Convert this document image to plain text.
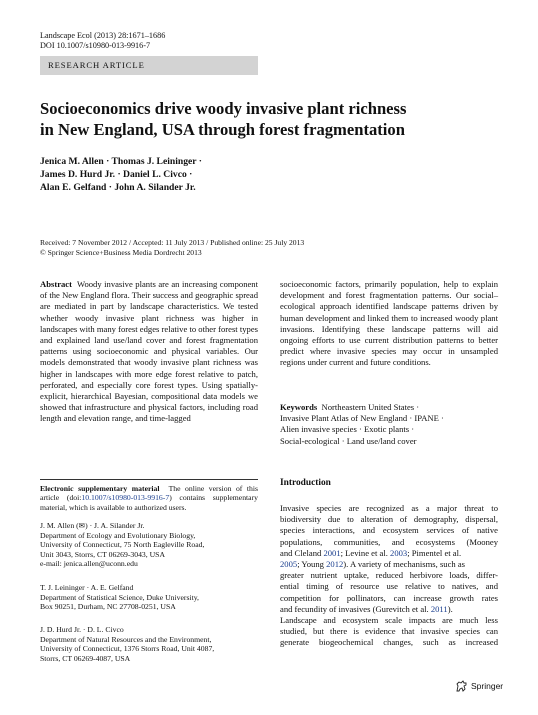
Landscape Ecol (2013) 28:1671–1686
DOI 10.1007/s10980-013-9916-7
RESEARCH ARTICLE
Socioeconomics drive woody invasive plant richness
in New England, USA through forest fragmentation
Jenica M. Allen · Thomas J. Leininger ·
James D. Hurd Jr. · Daniel L. Civco ·
Alan E. Gelfand · John A. Silander Jr.
Received: 7 November 2012 / Accepted: 11 July 2013 / Published online: 25 July 2013
© Springer Science+Business Media Dordrecht 2013
Abstract Woody invasive plants are an increasing component of the New England flora. Their success and geographic spread are mediated in part by landscape characteristics. We tested whether woody invasive plant richness was higher in landscapes with many forest edges relative to other forest types and explained land use/land cover and forest fragmentation patterns using socioeconomic and physical variables. Our models demonstrated that woody invasive plant richness was higher in landscapes with more edge forest relative to patch, perforated, and especially core forest types. Using spatially-explicit, hierarchical Bayesian, compositional data models we showed that infrastructure and physical factors, including road length and elevation range, and time-lagged
socioeconomic factors, primarily population, help to explain development and forest fragmentation patterns. Our social–ecological approach identified landscape patterns driven by human development and linked them to increased woody plant invasions. Identifying these landscape patterns will aid ongoing efforts to use current distribution patterns to better predict where invasive species may occur in unsampled regions under current and future conditions.
Keywords Northeastern United States ·
Invasive Plant Atlas of New England · IPANE ·
Alien invasive species · Exotic plants ·
Social-ecological · Land use/land cover
Introduction
Invasive species are recognized as a major threat to
biodiversity due to alteration of demography, dispersal,
species interactions, and ecosystem services of native
populations, communities, and ecosystems (Mooney
and Cleland 2001; Levine et al. 2003; Pimentel et al.
2005; Young 2012). A variety of mechanisms, such as
greater nutrient uptake, reduced herbivore loads, differ-
ential timing of resource use relative to natives, and
competition for pollinators, can increase growth rates
and fecundity of invasives (Gurevitch et al. 2011).
Landscape and ecosystem scale impacts are much less
studied, but there is evidence that invasive species can
generate biogeochemical changes, such as increased
Electronic supplementary material The online version of this article (doi:10.1007/s10980-013-9916-7) contains supplementary material, which is available to authorized users.
J. M. Allen (✉) · J. A. Silander Jr.
Department of Ecology and Evolutionary Biology,
University of Connecticut, 75 North Eagleville Road,
Unit 3043, Storrs, CT 06269-3043, USA
e-mail: jenica.allen@uconn.edu
T. J. Leininger · A. E. Gelfand
Department of Statistical Science, Duke University,
Box 90251, Durham, NC 27708-0251, USA
J. D. Hurd Jr. · D. L. Civco
Department of Natural Resources and the Environment,
University of Connecticut, 1376 Storrs Road, Unit 4087,
Storrs, CT 06269-4087, USA
Springer
